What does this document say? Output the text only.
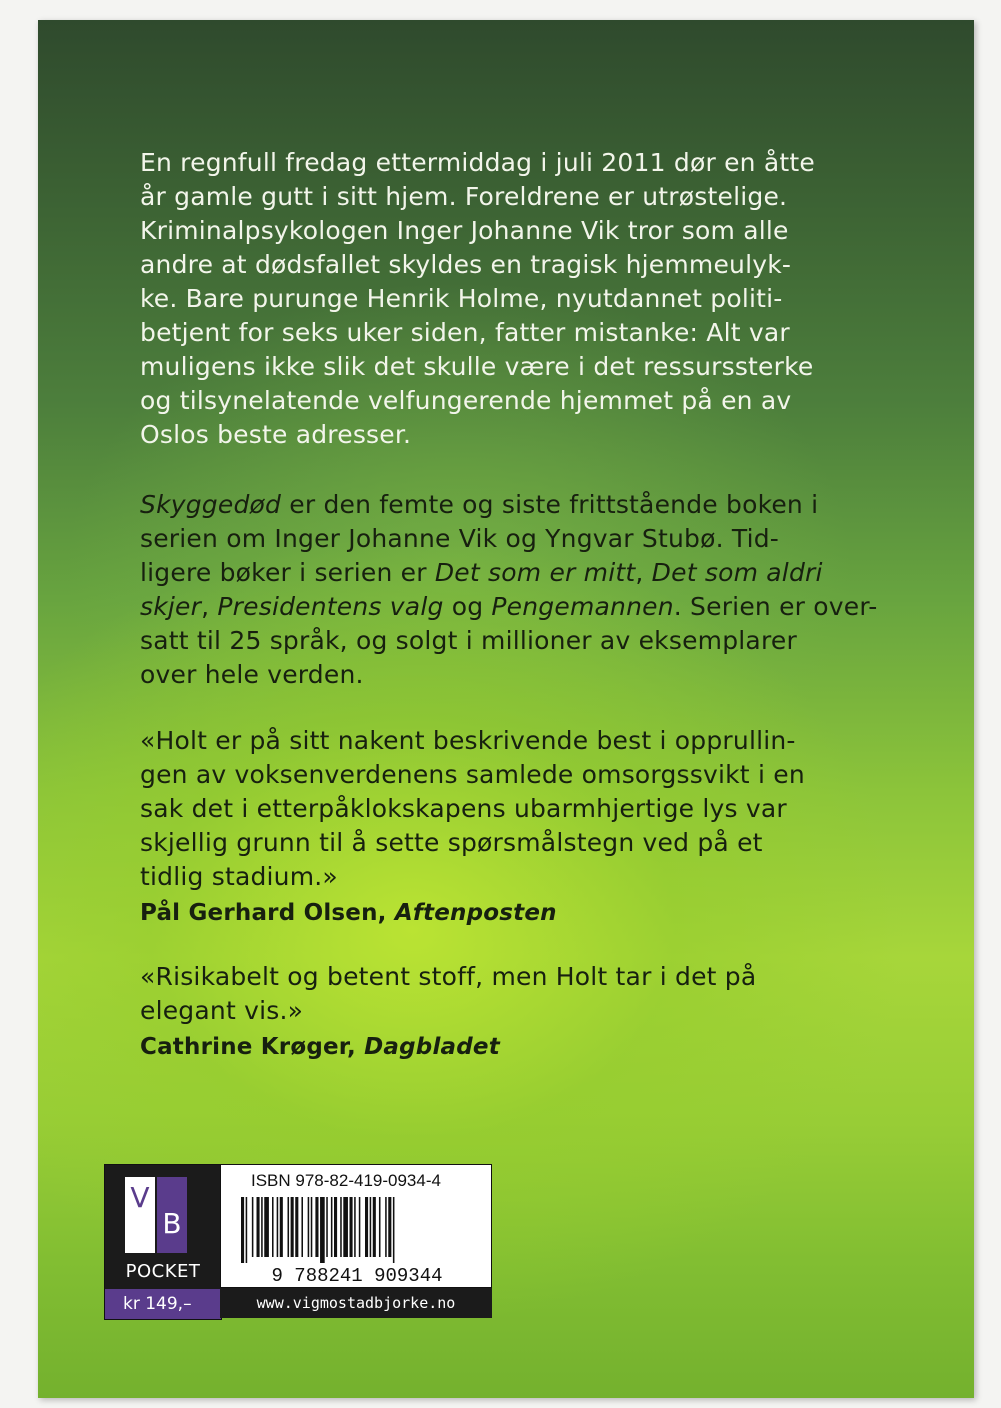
En regnfull fredag ettermiddag i juli 2011 dør en åtte
år gamle gutt i sitt hjem. Foreldrene er utrøstelige.
Kriminalpsykologen Inger Johanne Vik tror som alle
andre at dødsfallet skyldes en tragisk hjemmeulyk-
ke. Bare purunge Henrik Holme, nyutdannet politi-
betjent for seks uker siden, fatter mistanke: Alt var
muligens ikke slik det skulle være i det ressurssterke
og tilsynelatende velfungerende hjemmet på en av
Oslos beste adresser.
Skyggedød er den femte og siste frittstående boken i
serien om Inger Johanne Vik og Yngvar Stubø. Tid-
ligere bøker i serien er Det som er mitt, Det som aldri
skjer, Presidentens valg og Pengemannen. Serien er over-
satt til 25 språk, og solgt i millioner av eksemplarer
over hele verden.
«Holt er på sitt nakent beskrivende best i opprullin-
gen av voksenverdenens samlede omsorgssvikt i en
sak det i etterpåklokskapens ubarmhjertige lys var
skjellig grunn til å sette spørsmålstegn ved på et
tidlig stadium.»
Pål Gerhard Olsen, Aftenposten
«Risikabelt og betent stoff, men Holt tar i det på
elegant vis.»
Cathrine Krøger, Dagbladet
V
B
POCKET
kr 149,–
ISBN 978-82-419-0934-4
9 788241 909344
www.vigmostadbjorke.no
